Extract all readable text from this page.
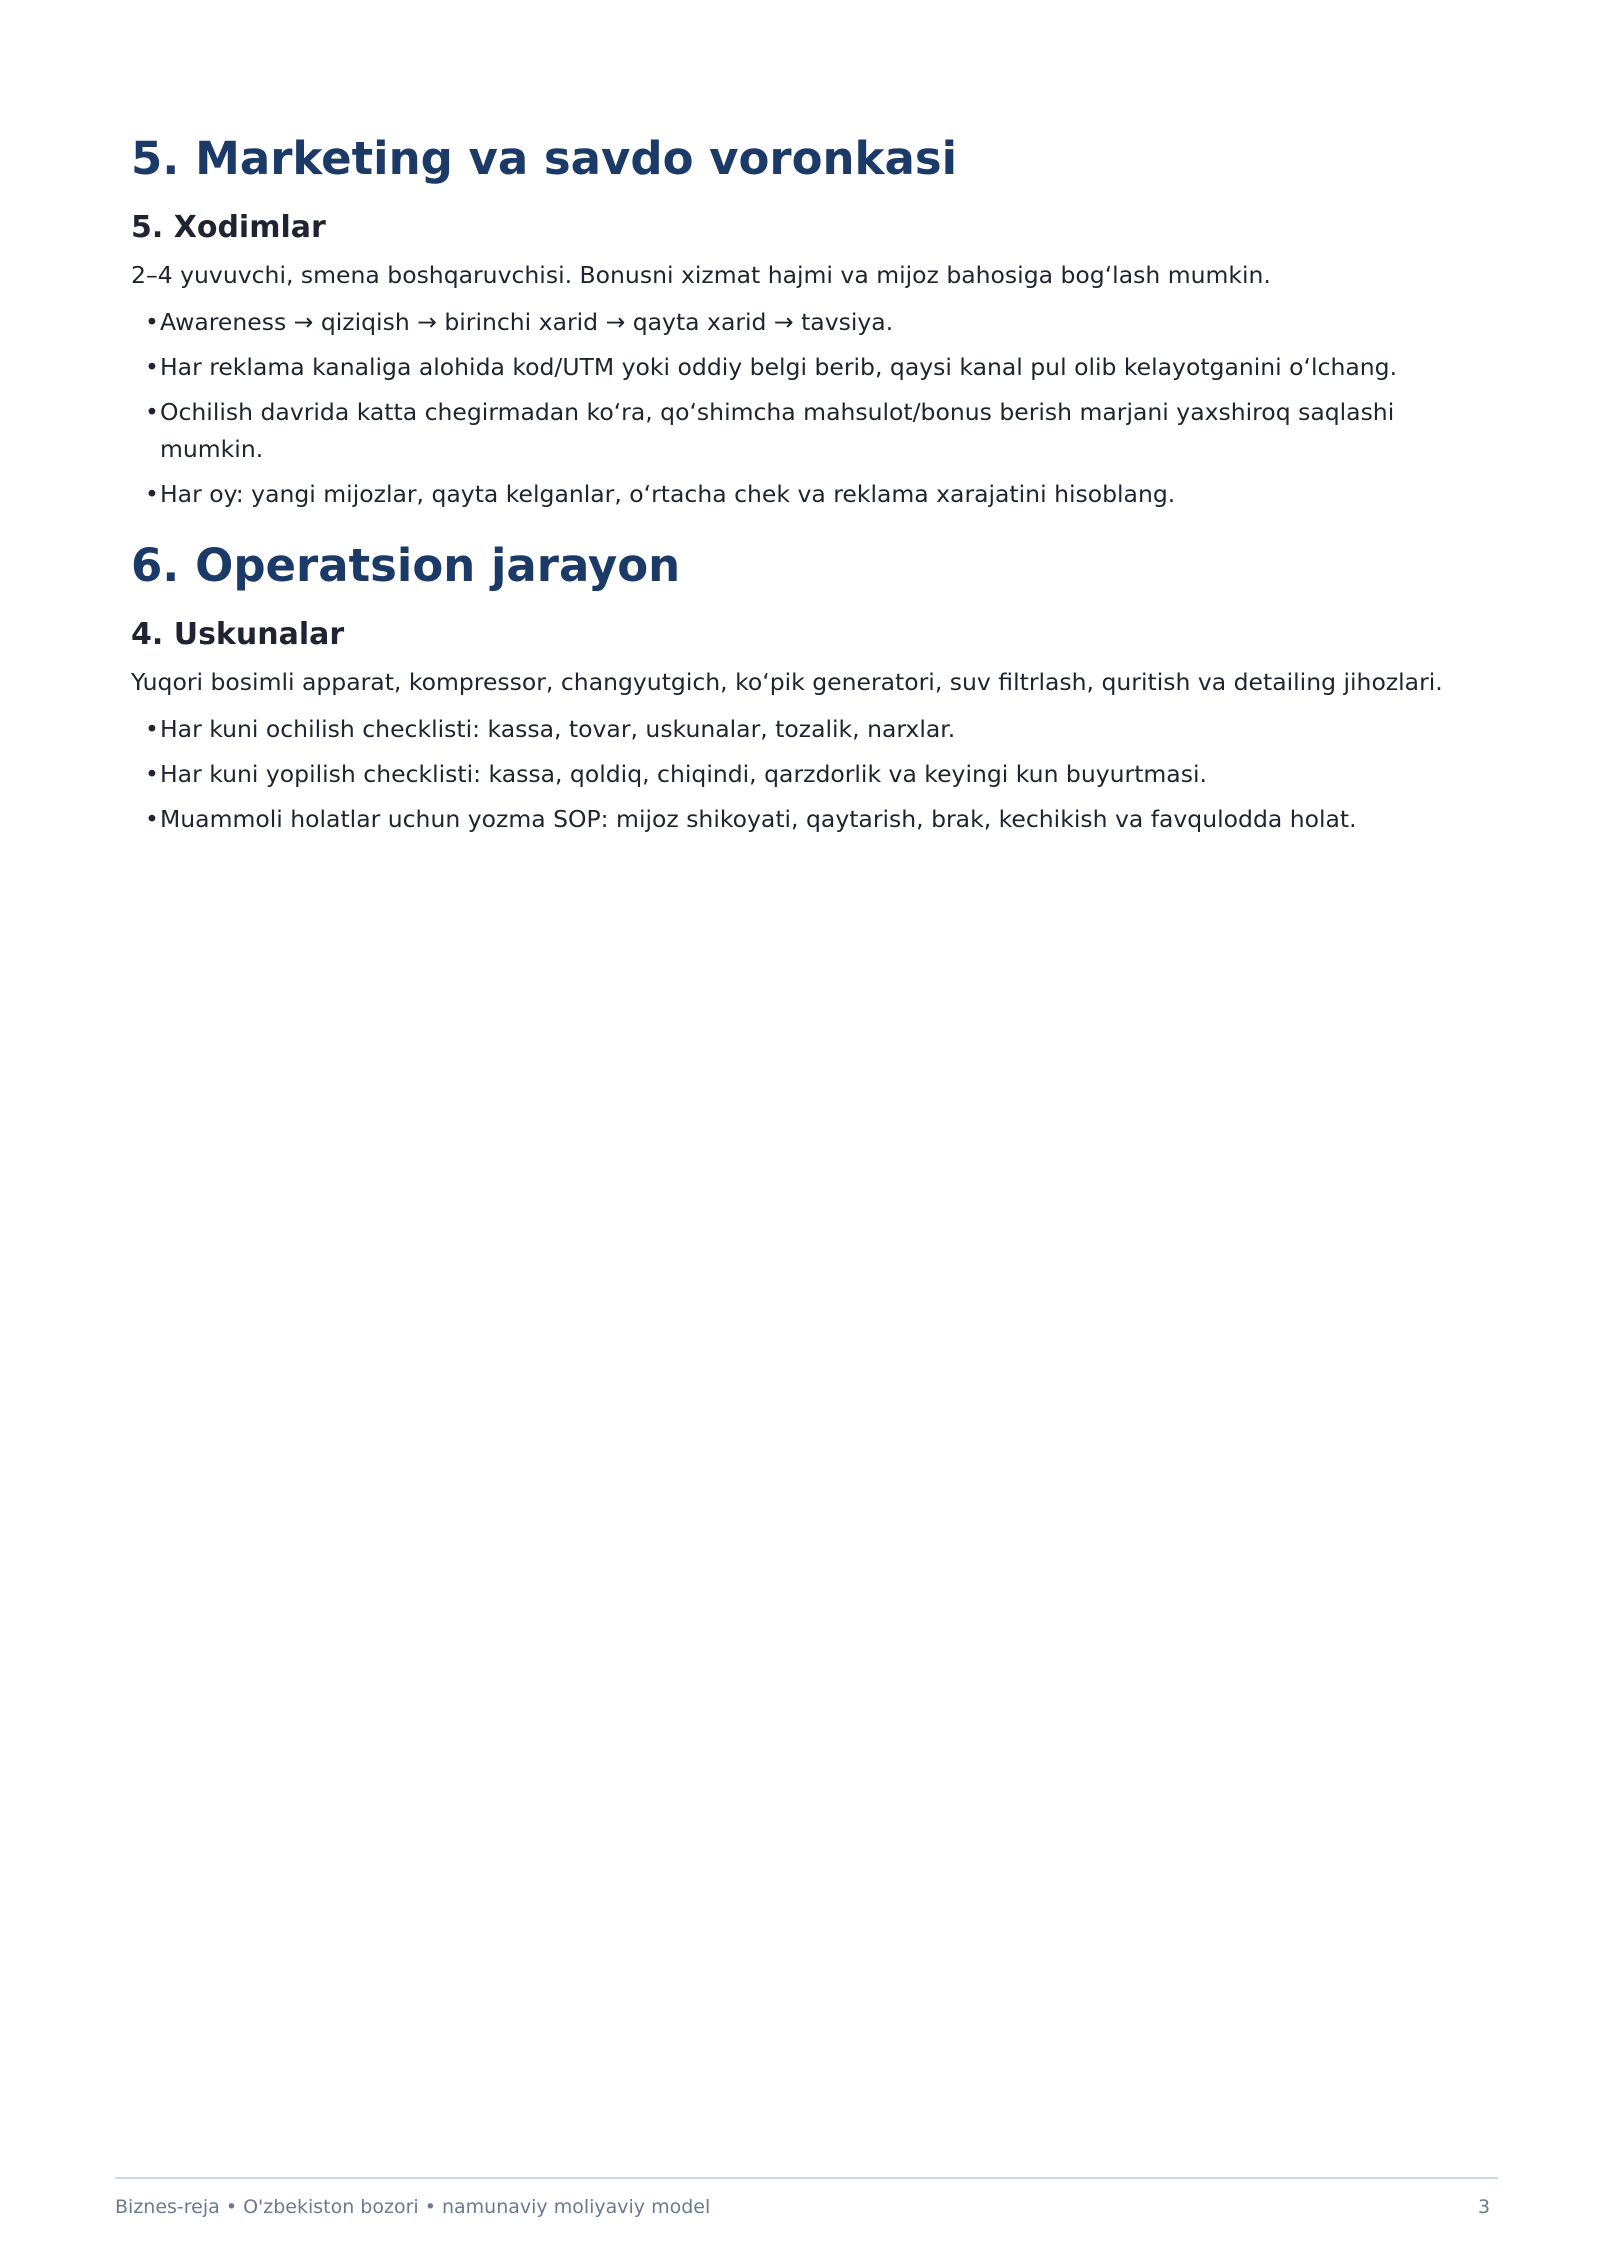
5. Marketing va savdo voronkasi
5. Xodimlar

2–4 yuvuvchi, smena boshqaruvchisi. Bonusni xizmat hajmi va mijoz bahosiga bog‘lash mumkin.

• Awareness → qiziqish → birinchi xarid → qayta xarid → tavsiya.
• Har reklama kanaliga alohida kod/UTM yoki oddiy belgi berib, qaysi kanal pul olib kelayotganini o‘lchang.
• Ochilish davrida katta chegirmadan ko‘ra, qo‘shimcha mahsulot/bonus berish marjani yaxshiroq saqlashi mumkin.
• Har oy: yangi mijozlar, qayta kelganlar, o‘rtacha chek va reklama xarajatini hisoblang.
6. Operatsion jarayon
4. Uskunalar

Yuqori bosimli apparat, kompressor, changyutgich, ko‘pik generatori, suv filtrlash, quritish va detailing jihozlari.

• Har kuni ochilish checklisti: kassa, tovar, uskunalar, tozalik, narxlar.
• Har kuni yopilish checklisti: kassa, qoldiq, chiqindi, qarzdorlik va keyingi kun buyurtmasi.
• Muammoli holatlar uchun yozma SOP: mijoz shikoyati, qaytarish, brak, kechikish va favqulodda holat.
Biznes-reja • O'zbekiston bozori • namunaviy moliyaviy model	3
